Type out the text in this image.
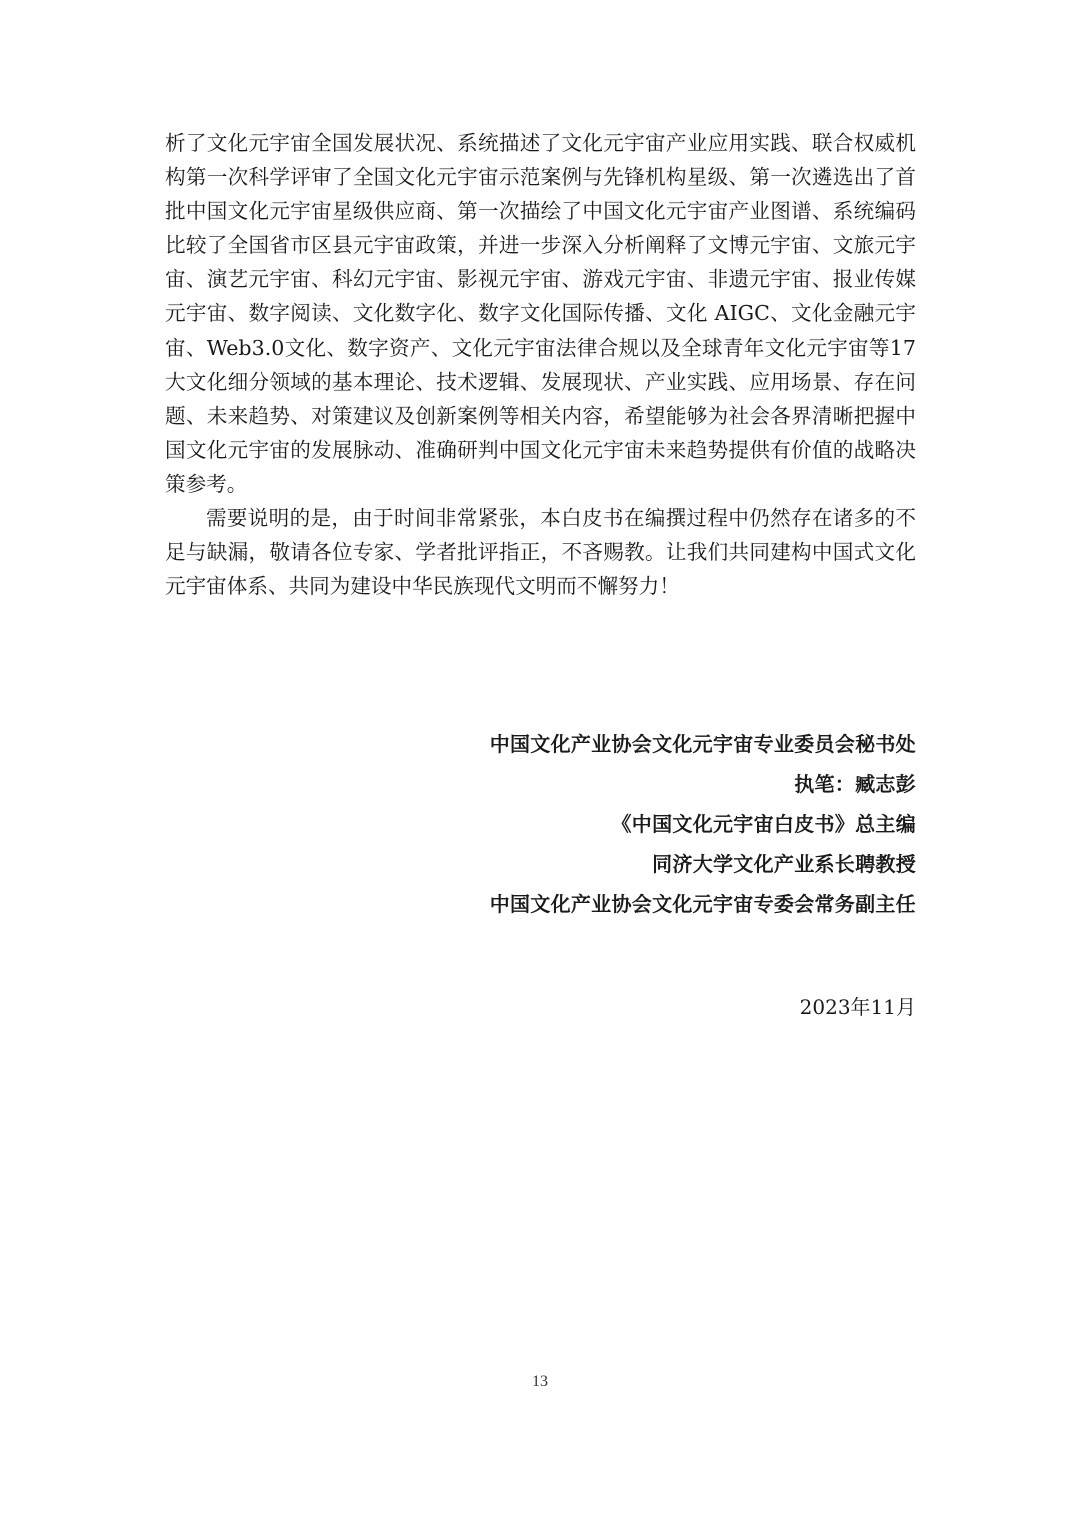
析了文化元宇宙全国发展状况、系统描述了文化元宇宙产业应用实践、联合权威机构第一次科学评审了全国文化元宇宙示范案例与先锋机构星级、第一次遴选出了首批中国文化元宇宙星级供应商、第一次描绘了中国文化元宇宙产业图谱、系统编码比较了全国省市区县元宇宙政策，并进一步深入分析阐释了文博元宇宙、文旅元宇宙、演艺元宇宙、科幻元宇宙、影视元宇宙、游戏元宇宙、非遗元宇宙、报业传媒元宇宙、数字阅读、文化数字化、数字文化国际传播、文化 AIGC、文化金融元宇宙、Web3.0文化、数字资产、文化元宇宙法律合规以及全球青年文化元宇宙等17大文化细分领域的基本理论、技术逻辑、发展现状、产业实践、应用场景、存在问题、未来趋势、对策建议及创新案例等相关内容，希望能够为社会各界清晰把握中国文化元宇宙的发展脉动、准确研判中国文化元宇宙未来趋势提供有价值的战略决策参考。

需要说明的是，由于时间非常紧张，本白皮书在编撰过程中仍然存在诸多的不足与缺漏，敬请各位专家、学者批评指正，不吝赐教。让我们共同建构中国式文化元宇宙体系、共同为建设中华民族现代文明而不懈努力！

中国文化产业协会文化元宇宙专业委员会秘书处
执笔：臧志彭
《中国文化元宇宙白皮书》总主编
同济大学文化产业系长聘教授
中国文化产业协会文化元宇宙专委会常务副主任
2023年11月
13
